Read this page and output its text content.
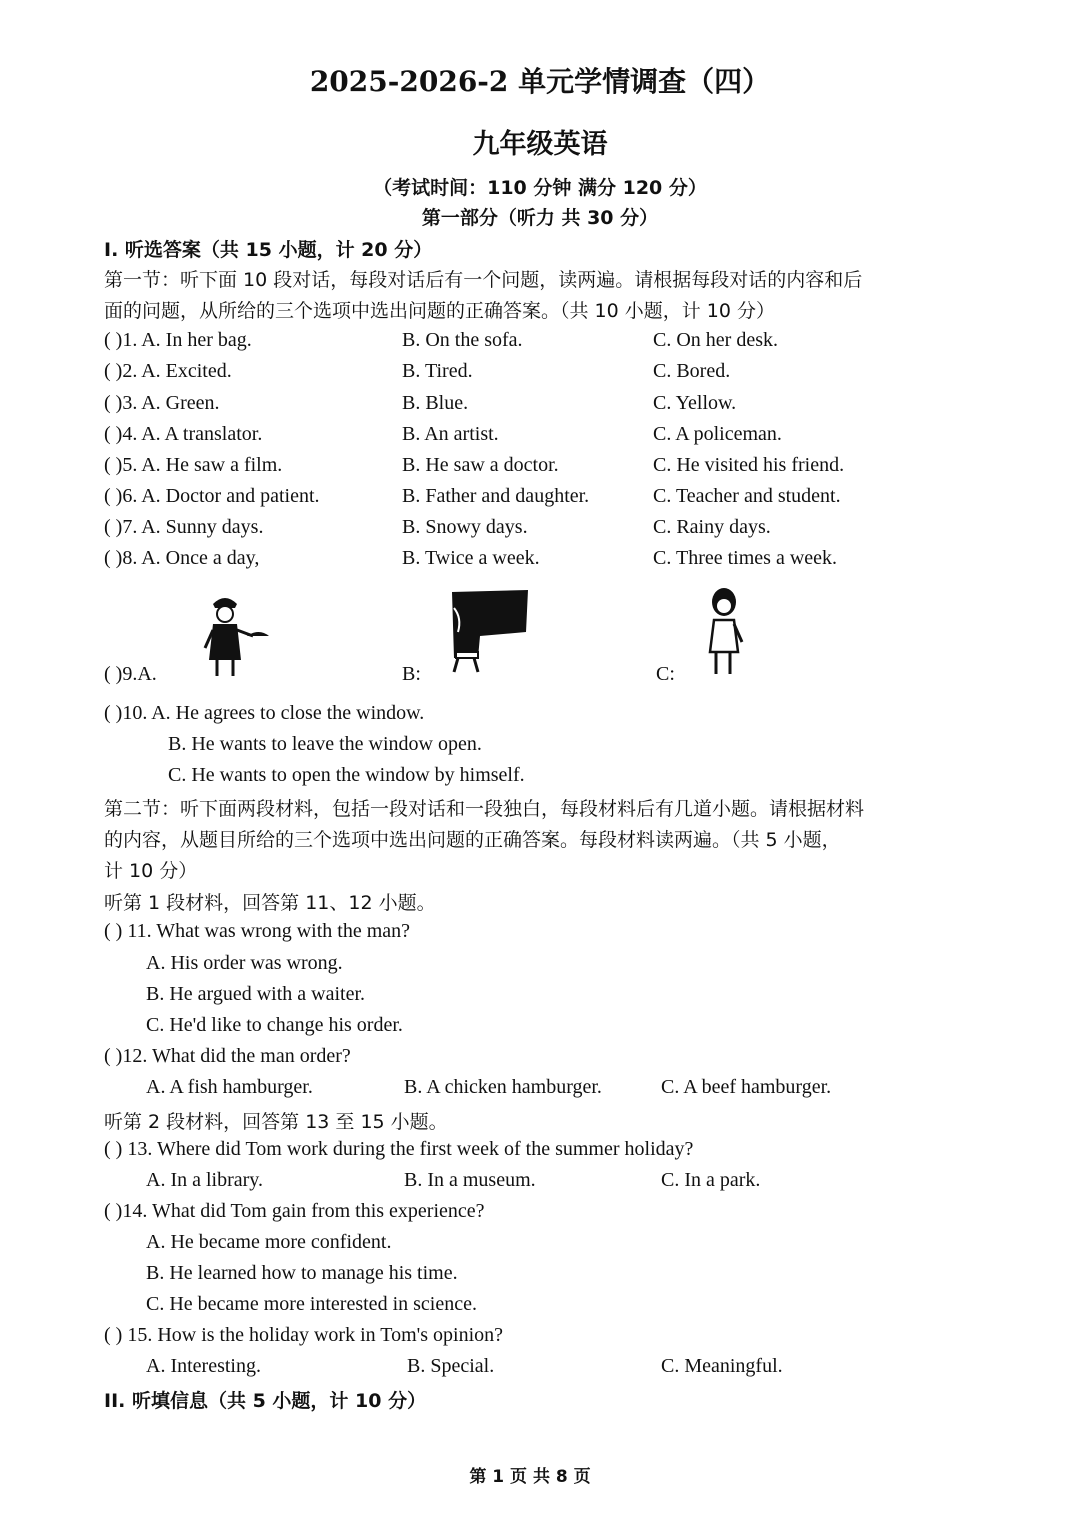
2025-2026-2 单元学情调查（四）
九年级英语
（考试时间：110 分钟 满分 120 分）
第一部分（听力 共 30 分）
I. 听选答案（共 15 小题，计 20 分）
第一节：听下面 10 段对话，每段对话后有一个问题，读两遍。请根据每段对话的内容和后
面的问题，从所给的三个选项中选出问题的正确答案。（共 10 小题，计 10 分）
( )1. A. In her bag.	B. On the sofa.	C. On her desk.
( )2. A. Excited.	B. Tired.	C. Bored.
( )3. A. Green.	B. Blue.	C. Yellow.
( )4. A. A translator.	B. An artist.	C. A policeman.
( )5. A. He saw a film.	B. He saw a doctor.	C. He visited his friend.
( )6. A. Doctor and patient.	B. Father and daughter.	C. Teacher and student.
( )7. A. Sunny days.	B. Snowy days.	C. Rainy days.
( )8. A. Once a day,	B. Twice a week.	C. Three times a week.
( )9.A.	B:	C:
( )10. A. He agrees to close the window.
B. He wants to leave the window open.
C. He wants to open the window by himself.
第二节：听下面两段材料，包括一段对话和一段独白，每段材料后有几道小题。请根据材料
的内容，从题目所给的三个选项中选出问题的正确答案。每段材料读两遍。（共 5 小题，
计 10 分）
听第 1 段材料，回答第 11、12 小题。
( ) 11. What was wrong with the man?
A. His order was wrong.
B. He argued with a waiter.
C. He'd like to change his order.
( )12. What did the man order?
A. A fish hamburger.	B. A chicken hamburger.	C. A beef hamburger.
听第 2 段材料，回答第 13 至 15 小题。
( ) 13. Where did Tom work during the first week of the summer holiday?
A. In a library.	B. In a museum.	C. In a park.
( )14. What did Tom gain from this experience?
A. He became more confident.
B. He learned how to manage his time.
C. He became more interested in science.
( ) 15. How is the holiday work in Tom's opinion?
A. Interesting.	B. Special.	C. Meaningful.
II. 听填信息（共 5 小题，计 10 分）
第 1 页 共 8 页
